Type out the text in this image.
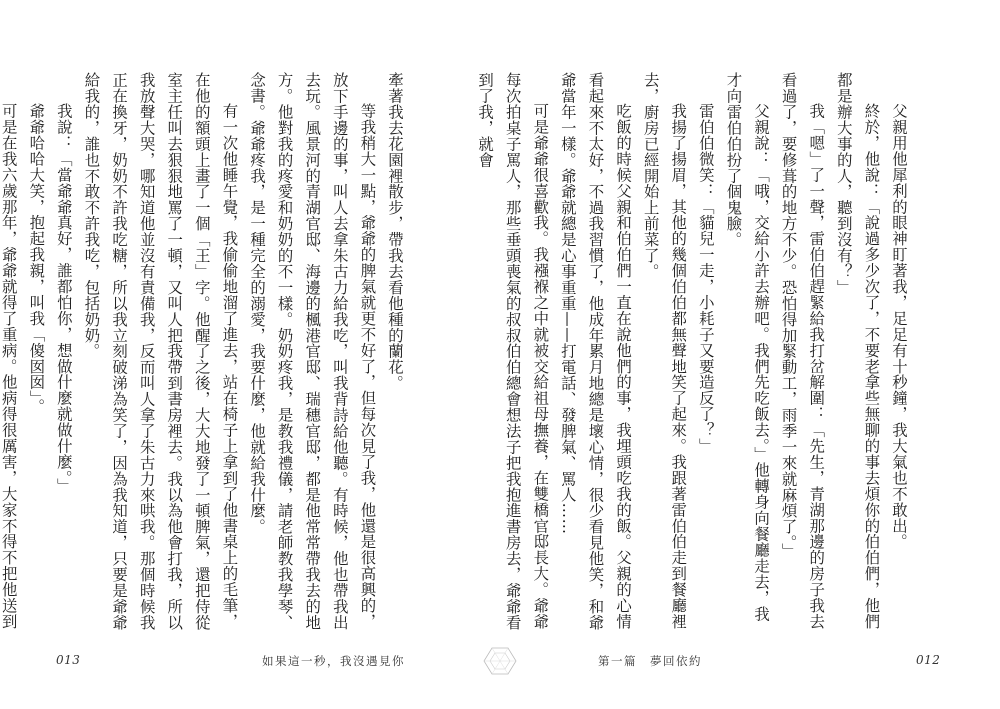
牽著我去花園裡散步，帶我去看他種的蘭花。

等我稍大一點，爺爺的脾氣就更不好了，但每次見了我，他還是很高興的，放下手邊的事，叫人去拿朱古力給我吃，叫我背詩給他聽。有時候，他也帶我出去玩。風景河的青湖官邸、海邊的楓港官邸、瑞穗官邸，都是他常常帶我去的地方。他對我的疼愛和奶奶的不一樣。奶奶疼我，是教我禮儀，請老師教我學琴、念書。爺爺疼我，是一種完全的溺愛，我要什麼，他就給我什麼。

有一次他睡午覺，我偷偷地溜了進去，站在椅子上拿到了他書桌上的毛筆，在他的額頭上畫了一個「王」字。他醒了之後，大大地發了一頓脾氣，還把侍從室主任叫去狠狠地罵了一頓，又叫人把我帶到書房裡去。我以為他會打我，所以我放聲大哭，哪知道他並沒有責備我，反而叫人拿了朱古力來哄我。那個時候我正在換牙，奶奶不許我吃糖，所以我立刻破涕為笑了，因為我知道，只要是爺爺給我的，誰也不敢不許我吃，包括奶奶。

我說：「當爺爺真好，誰都怕你，想做什麼就做什麼。」

爺爺哈哈大笑，抱起我親，叫我「傻囡囡」。

可是在我六歲那年，爺爺就得了重病。他病得很厲害，大家不得不把他送到

013	如果這一秒，我沒遇見你

父親用他犀利的眼神盯著我，足足有十秒鐘，我大氣也不敢出。

終於，他說：「說過多少次了，不要老拿些無聊的事去煩你的伯伯們，他們都是辦大事的人，聽到沒有？」

我「嗯」了一聲，雷伯伯趕緊給我打岔解圍：「先生，青湖那邊的房子我去看過了，要修葺的地方不少。恐怕得加緊動工，雨季一來就麻煩了。」

父親說：「哦，交給小許去辦吧。我們先吃飯去。」他轉身向餐廳走去，我才向雷伯伯扮了個鬼臉。

雷伯伯微笑：「貓兒一走，小耗子又要造反了？」

我揚了揚眉，其他的幾個伯伯都無聲地笑了起來。我跟著雷伯伯走到餐廳裡去，廚房已經開始上前菜了。

吃飯的時候父親和伯伯們一直在說他們的事，我埋頭吃我的飯。父親的心情看起來不太好，不過我習慣了，他成年累月地總是壞心情，很少看見他笑，和爺爺當年一樣。爺爺就總是心事重重——打電話、發脾氣、罵人……

可是爺爺很喜歡我。我襁褓之中就被交給祖母撫養，在雙橋官邸長大。爺爺每次拍桌子罵人，那些垂頭喪氣的叔叔伯伯總會想法子把我抱進書房去，爺爺看到了我，就會

第一篇　夢回依約	012
